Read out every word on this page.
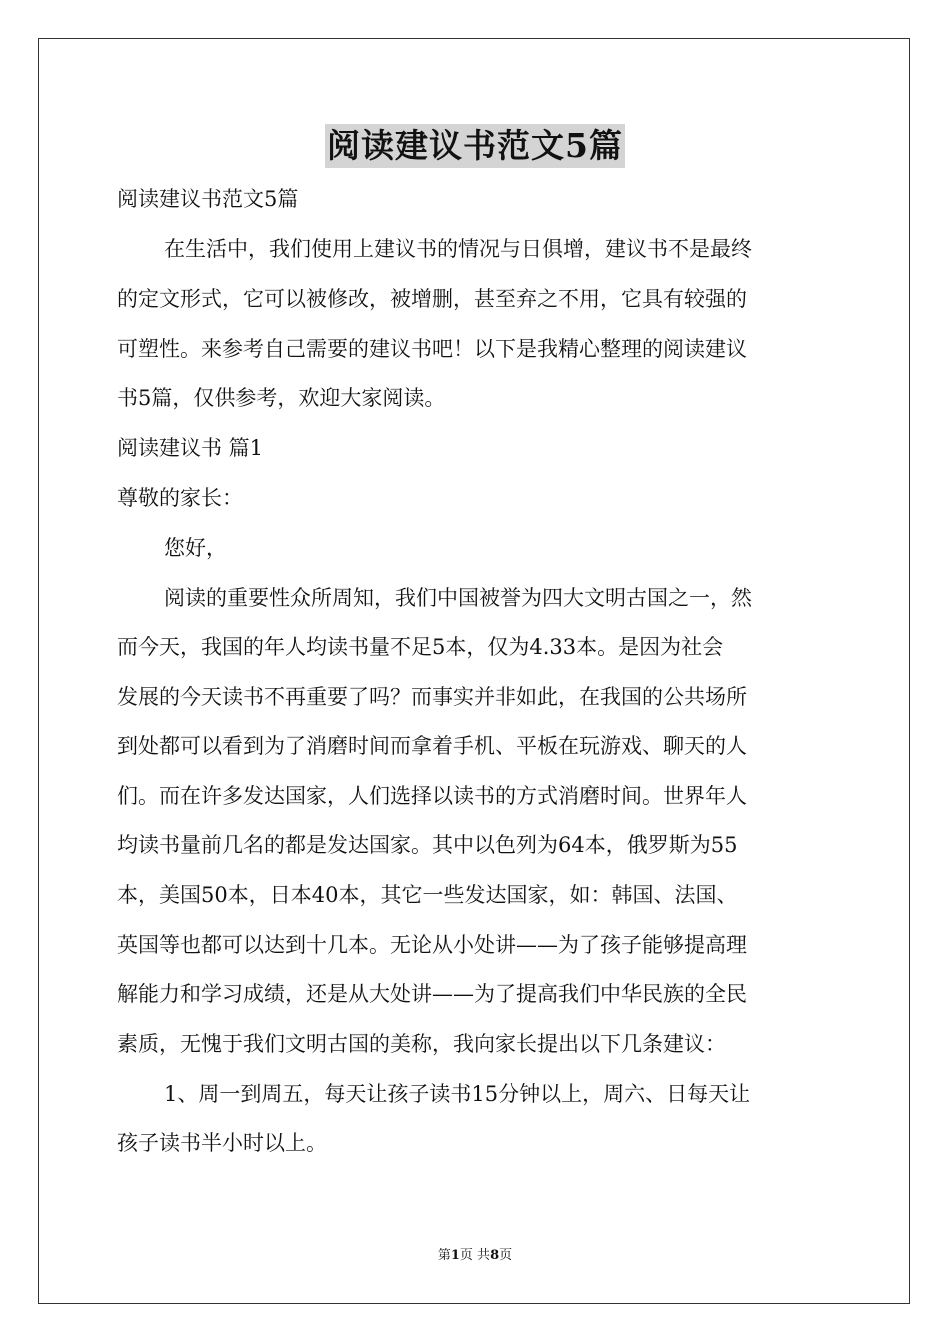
阅读建议书范文5篇
阅读建议书范文5篇
在生活中，我们使用上建议书的情况与日俱增，建议书不是最终
的定文形式，它可以被修改，被增删，甚至弃之不用，它具有较强的
可塑性。来参考自己需要的建议书吧！以下是我精心整理的阅读建议
书5篇，仅供参考，欢迎大家阅读。
阅读建议书 篇1
尊敬的家长：
您好，
阅读的重要性众所周知，我们中国被誉为四大文明古国之一，然
而今天，我国的年人均读书量不足5本，仅为4.33本。是因为社会
发展的今天读书不再重要了吗？而事实并非如此，在我国的公共场所
到处都可以看到为了消磨时间而拿着手机、平板在玩游戏、聊天的人
们。而在许多发达国家，人们选择以读书的方式消磨时间。世界年人
均读书量前几名的都是发达国家。其中以色列为64本，俄罗斯为55
本，美国50本，日本40本，其它一些发达国家，如：韩国、法国、
英国等也都可以达到十几本。无论从小处讲——为了孩子能够提高理
解能力和学习成绩，还是从大处讲——为了提高我们中华民族的全民
素质，无愧于我们文明古国的美称，我向家长提出以下几条建议：
1、周一到周五，每天让孩子读书15分钟以上，周六、日每天让
孩子读书半小时以上。
第1页 共8页
